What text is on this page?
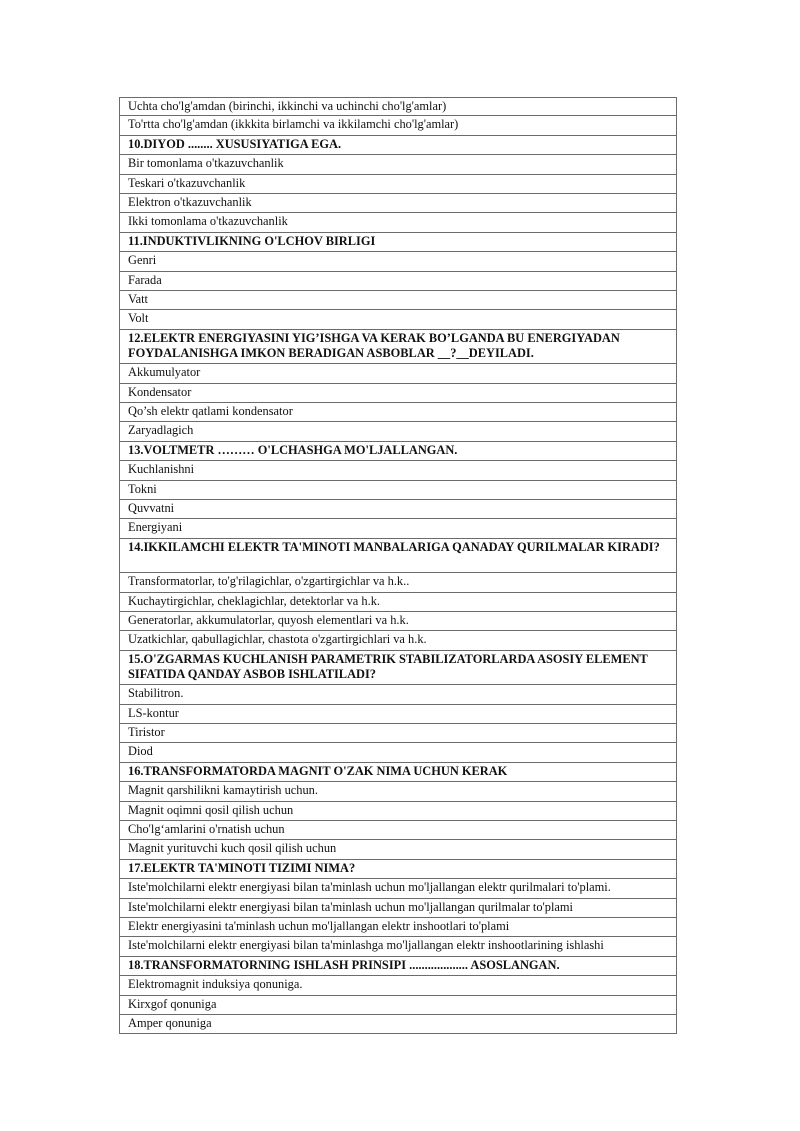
Uchta cho'lg'amdan (birinchi, ikkinchi va uchinchi cho'lg'amlar)
To'rtta cho'lg'amdan (ikkkita birlamchi va ikkilamchi cho'lg'amlar)
10.DIYOD ........ XUSUSIYATIGA EGA.
Bir tomonlama o'tkazuvchanlik
Teskari o'tkazuvchanlik
Elektron o'tkazuvchanlik
Ikki tomonlama o'tkazuvchanlik
11.INDUKTIVLIKNING O'LCHOV BIRLIGI
Genri
Farada
Vatt
Volt
12.ELEKTR ENERGIYASINI YIG’ISHGA VA KERAK BO’LGANDA BU ENERGIYADAN FOYDALANISHGA IMKON BERADIGAN ASBOBLAR __?__DEYILADI.
Akkumulyator
Kondensator
Qo’sh elektr qatlami kondensator
Zaryadlagich
13.VOLTMETR ……… O'LCHASHGA MO'LJALLANGAN.
Kuchlanishni
Tokni
Quvvatni
Energiyani
14.IKKILAMCHI ELEKTR TA'MINOTI MANBALARIGA QANADAY QURILMALAR KIRADI?
Transformatorlar, to'g'rilagichlar, o'zgartirgichlar va h.k..
Kuchaytirgichlar, cheklagichlar, detektorlar va h.k.
Generatorlar, akkumulatorlar, quyosh elementlari va h.k.
Uzatkichlar, qabullagichlar, chastota o'zgartirgichlari va h.k.
15.O'ZGARMAS KUCHLANISH PARAMETRIK STABILIZATORLARDA ASOSIY ELEMENT SIFATIDA QANDAY ASBOB ISHLATILADI?
Stabilitron.
LS-kontur
Tiristor
Diod
16.TRANSFORMATORDA MAGNIT O'ZAK NIMA UCHUN KERAK
Magnit qarshilikni kamaytirish uchun.
Magnit oqimni qosil qilish uchun
Cho'lg‘amlarini o'rnatish uchun
Magnit yurituvchi kuch qosil qilish uchun
17.ELEKTR TA'MINOTI TIZIMI NIMA?
Iste'molchilarni elektr energiyasi bilan ta'minlash uchun mo'ljallangan elektr qurilmalari to'plami.
Iste'molchilarni elektr energiyasi bilan ta'minlash uchun mo'ljallangan qurilmalar to'plami
Elektr energiyasini ta'minlash uchun mo'ljallangan elektr inshootlari to'plami
Iste'molchilarni elektr energiyasi bilan ta'minlashga mo'ljallangan elektr inshootlarining ishlashi
18.TRANSFORMATORNING ISHLASH PRINSIPI ................... ASOSLANGAN.
Elektromagnit induksiya qonuniga.
Kirxgof qonuniga
Amper qonuniga
